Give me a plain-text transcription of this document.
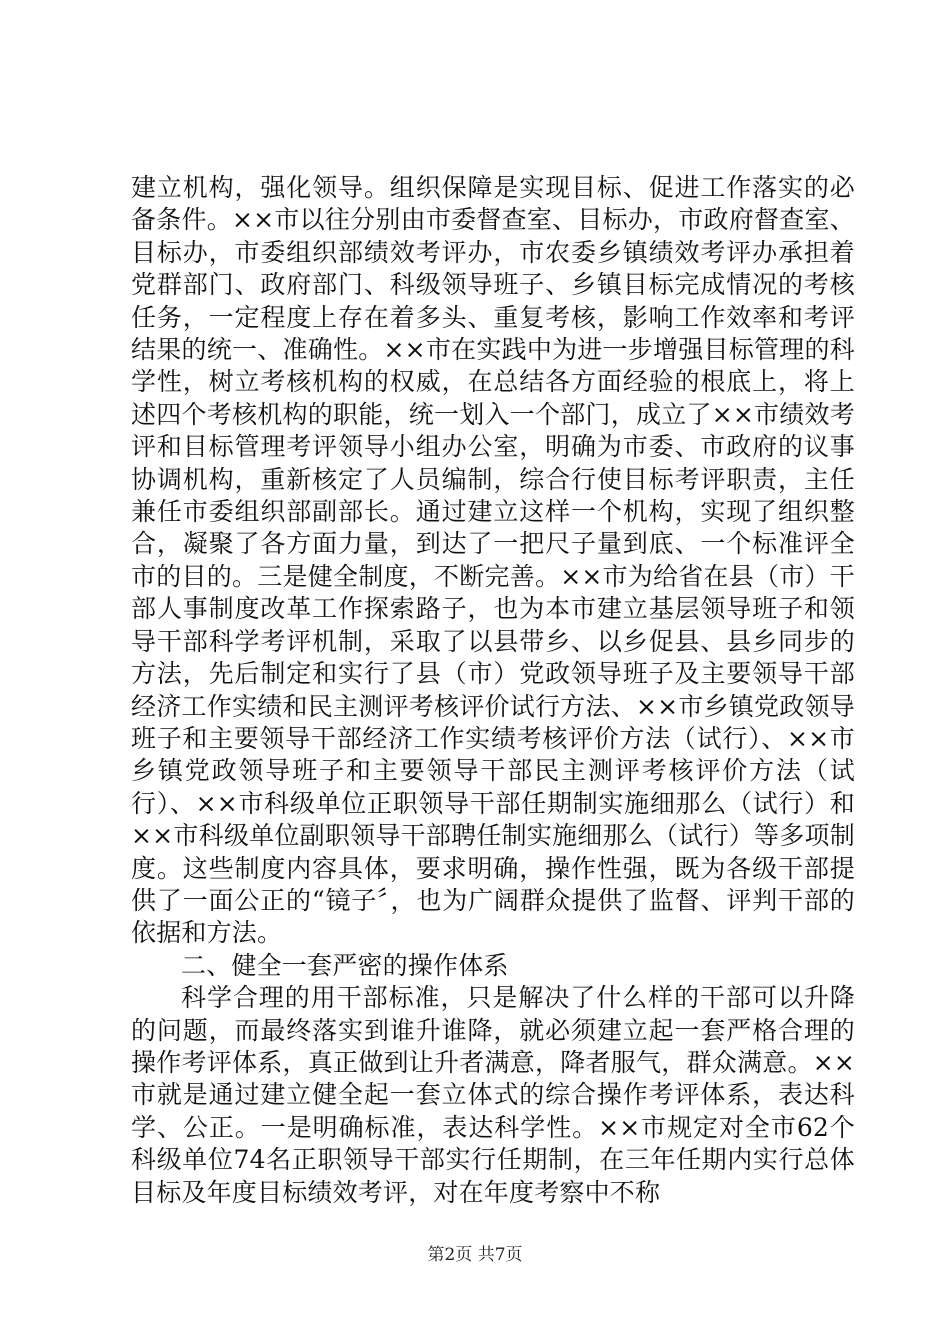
建立机构，强化领导。组织保障是实现目标、促进工作落实的必备条件。××市以往分别由市委督查室、目标办，市政府督查室、目标办，市委组织部绩效考评办，市农委乡镇绩效考评办承担着党群部门、政府部门、科级领导班子、乡镇目标完成情况的考核任务，一定程度上存在着多头、重复考核，影响工作效率和考评结果的统一、准确性。××市在实践中为进一步增强目标管理的科学性，树立考核机构的权威，在总结各方面经验的根底上，将上述四个考核机构的职能，统一划入一个部门，成立了××市绩效考评和目标管理考评领导小组办公室，明确为市委、市政府的议事协调机构，重新核定了人员编制，综合行使目标考评职责，主任兼任市委组织部副部长。通过建立这样一个机构，实现了组织整合，凝聚了各方面力量，到达了一把尺子量到底、一个标准评全市的目的。三是健全制度，不断完善。××市为给省在县（市）干部人事制度改革工作探索路子，也为本市建立基层领导班子和领导干部科学考评机制，采取了以县带乡、以乡促县、县乡同步的方法，先后制定和实行了县（市）党政领导班子及主要领导干部经济工作实绩和民主测评考核评价试行方法、××市乡镇党政领导班子和主要领导干部经济工作实绩考核评价方法（试行）、××市乡镇党政领导班子和主要领导干部民主测评考核评价方法（试行）、××市科级单位正职领导干部任期制实施细那么（试行）和××市科级单位副职领导干部聘任制实施细那么（试行）等多项制度。这些制度内容具体，要求明确，操作性强，既为各级干部提供了一面公正的“镜子〞，也为广阔群众提供了监督、评判干部的依据和方法。

二、健全一套严密的操作体系

科学合理的用干部标准，只是解决了什么样的干部可以升降的问题，而最终落实到谁升谁降，就必须建立起一套严格合理的操作考评体系，真正做到让升者满意，降者服气，群众满意。××市就是通过建立健全起一套立体式的综合操作考评体系，表达科学、公正。一是明确标准，表达科学性。××市规定对全市62个科级单位74名正职领导干部实行任期制，在三年任期内实行总体目标及年度目标绩效考评，对在年度考察中不称

第2页 共7页
